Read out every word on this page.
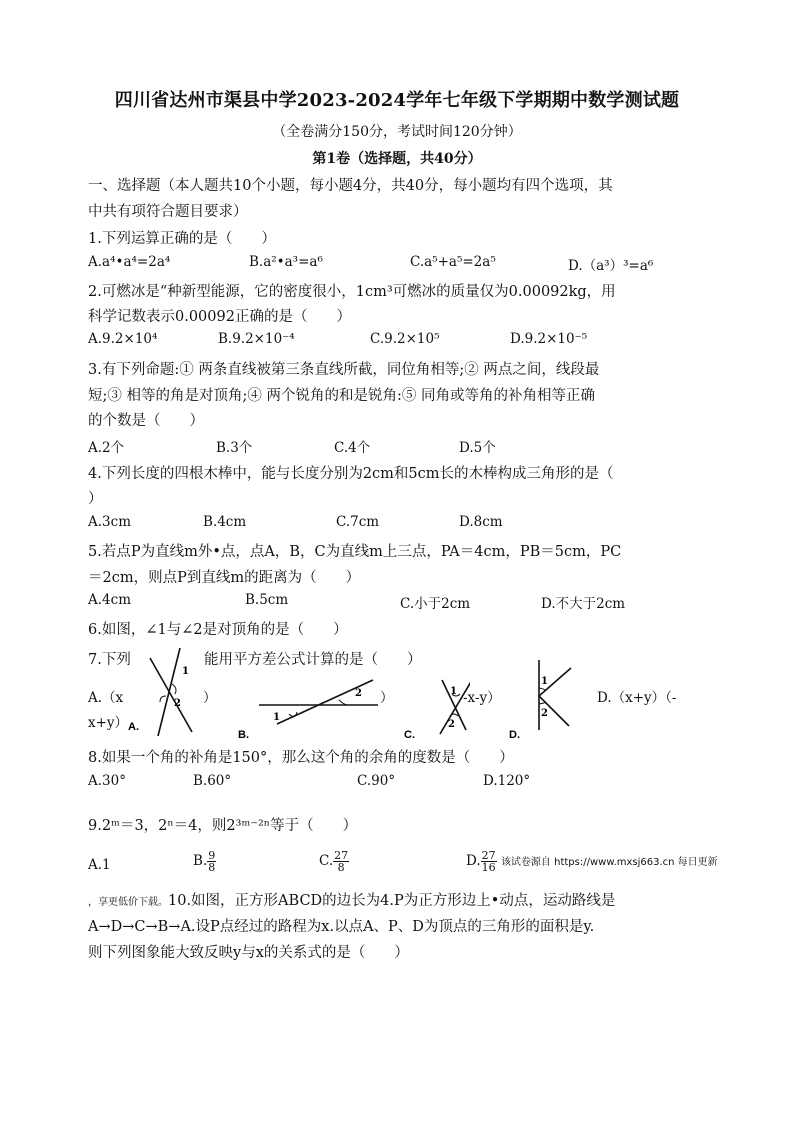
四川省达州市渠县中学2023-2024学年七年级下学期期中数学测试题
（全卷满分150分，考试时间120分钟）
第1卷（选择题，共40分）
一、选择题（本人题共10个小题，每小题4分，共40分，每小题均有四个选项，其
中共有项符合题目要求）
1.下列运算正确的是（　　）
A.a⁴•a⁴=2a⁴	B.a²•a³=a⁶	C.a⁵+a⁵=2a⁵	D.（a³）³=a⁶
2.可燃冰是“种新型能源，它的密度很小，1cm³可燃冰的质量仅为0.00092kg，用
科学记数表示0.00092正确的是（　　）
A.9.2×10⁴	B.9.2×10⁻⁴	C.9.2×10⁵	D.9.2×10⁻⁵
3.有下列命题:① 两条直线被第三条直线所截，同位角相等;② 两点之间，线段最
短;③ 相等的角是对顶角;④ 两个锐角的和是锐角:⑤ 同角或等角的补角相等正确
的个数是（　　）
A.2个	B.3个	C.4个	D.5个
4.下列长度的四根木棒中，能与长度分别为2cm和5cm长的木棒构成三角形的是（
）
A.3cm	B.4cm	C.7cm	D.8cm
5.若点P为直线m外•点，点A，B，C为直线m上三点，PA＝4cm，PB＝5cm，PC
＝2cm，则点P到直线m的距离为（　　）
A.4cm	B.5cm	C.小于2cm	D.不大于2cm
6.如图，∠1与∠2是对顶角的是（　　）
7.下列	能用平方差公式计算的是（　　）
A.（x	）	）	-x-y）	D.（x+y）（-
x+y）
1
2
A.
1
2
B.
1
2
C.
1
2
D.
8.如果一个角的补角是150°，那么这个角的余角的度数是（　　）
A.30°	B.60°	C.90°	D.120°
9.2ᵐ＝3，2ⁿ＝4，则2³ᵐ⁻²ⁿ等于（　　）
A.1	B. $\frac{9}{8}$	C. $\frac{27}{8}$	D. $\frac{27}{16}$ 该试卷源自 https://www.mxsj663.cn 每日更新
，享更低价下载。10.如图，正方形ABCD的边长为4.P为正方形边上•动点，运动路线是
A→D→C→B→A.设P点经过的路程为x.以点A、P、D为顶点的三角形的面积是y.
则下列图象能大致反映y与x的关系式的是（　　）
